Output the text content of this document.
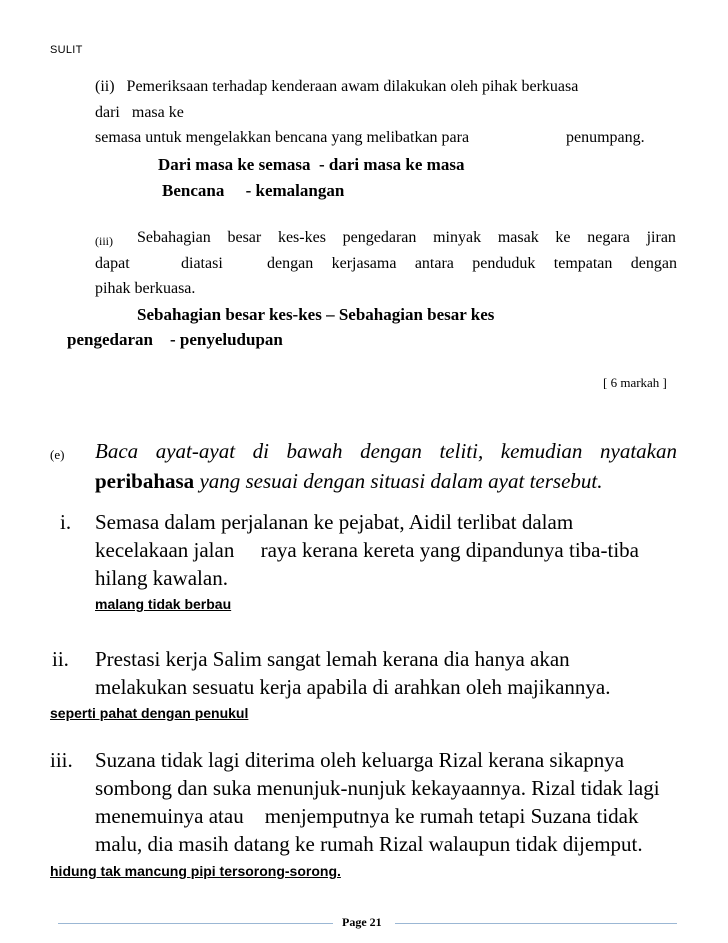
SULIT
(ii)   Pemeriksaan terhadap kenderaan awam dilakukan oleh pihak berkuasa
dari   masa ke
semasa untuk mengelakkan bencana yang melibatkan para	penumpang.
Dari masa ke semasa  - dari masa ke masa
Bencana     - kemalangan
(iii) Sebahagian besar kes-kes pengedaran minyak masak ke negara jiran
dapat	diatasi	dengan kerjasama antara penduduk tempatan dengan
pihak berkuasa.
Sebahagian besar kes-kes – Sebahagian besar kes
pengedaran    - penyeludupan
[ 6 markah ]
(e) Baca ayat-ayat di bawah dengan teliti, kemudian nyatakan
peribahasa yang sesuai dengan situasi dalam ayat tersebut.
i. Semasa dalam perjalanan ke pejabat, Aidil terlibat dalam
kecelakaan jalan     raya kerana kereta yang dipandunya tiba-tiba
hilang kawalan.
malang tidak berbau
ii. Prestasi kerja Salim sangat lemah kerana dia hanya akan
melakukan sesuatu kerja apabila di arahkan oleh majikannya.
seperti pahat dengan penukul
iii. Suzana tidak lagi diterima oleh keluarga Rizal kerana sikapnya
sombong dan suka menunjuk-nunjuk kekayaannya. Rizal tidak lagi
menemuinya atau    menjemputnya ke rumah tetapi Suzana tidak
malu, dia masih datang ke rumah Rizal walaupun tidak dijemput.
hidung tak mancung pipi tersorong-sorong.
Page 21
